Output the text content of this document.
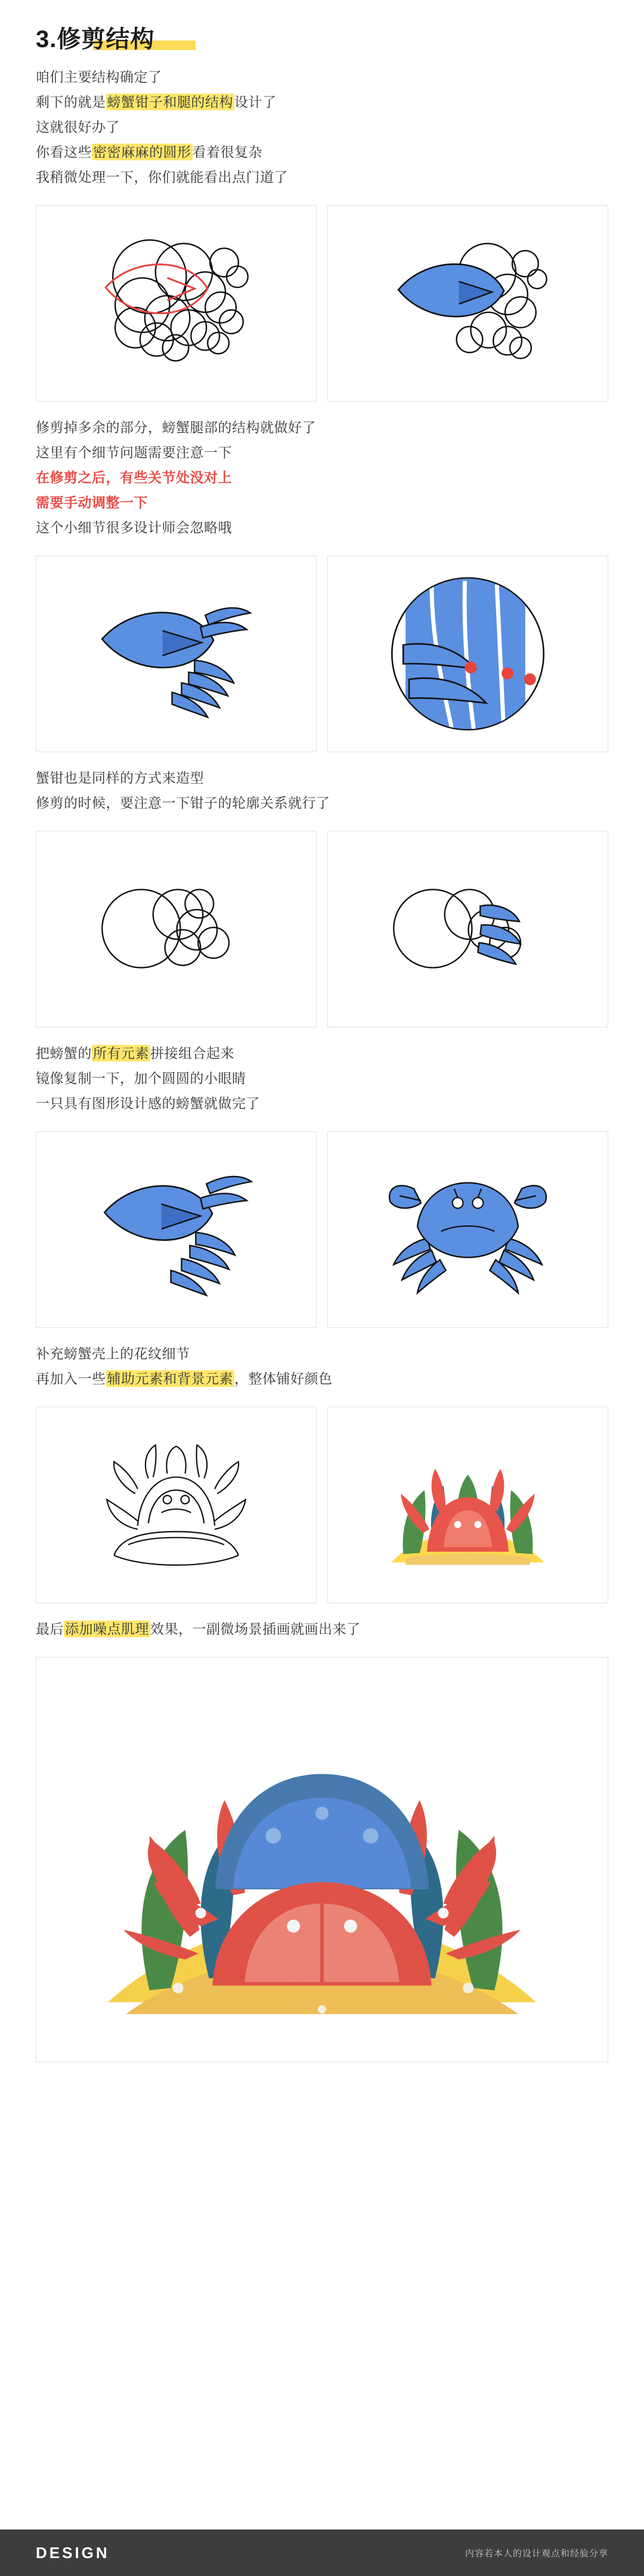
3.修剪结构

咱们主要结构确定了

剩下的就是螃蟹钳子和腿的结构设计了

这就很好办了

你看这些密密麻麻的圆形看着很复杂

我稍微处理一下，你们就能看出点门道了

修剪掉多余的部分，螃蟹腿部的结构就做好了

这里有个细节问题需要注意一下

在修剪之后，有些关节处没对上

需要手动调整一下

这个小细节很多设计师会忽略哦

蟹钳也是同样的方式来造型

修剪的时候，要注意一下钳子的轮廓关系就行了

把螃蟹的所有元素拼接组合起来

镜像复制一下，加个圆圆的小眼睛

一只具有图形设计感的螃蟹就做完了

补充螃蟹壳上的花纹细节

再加入一些辅助元素和背景元素，整体铺好颜色

最后添加噪点肌理效果，一副微场景插画就画出来了

DESIGN	内容若本人的设计观点和经验分享
